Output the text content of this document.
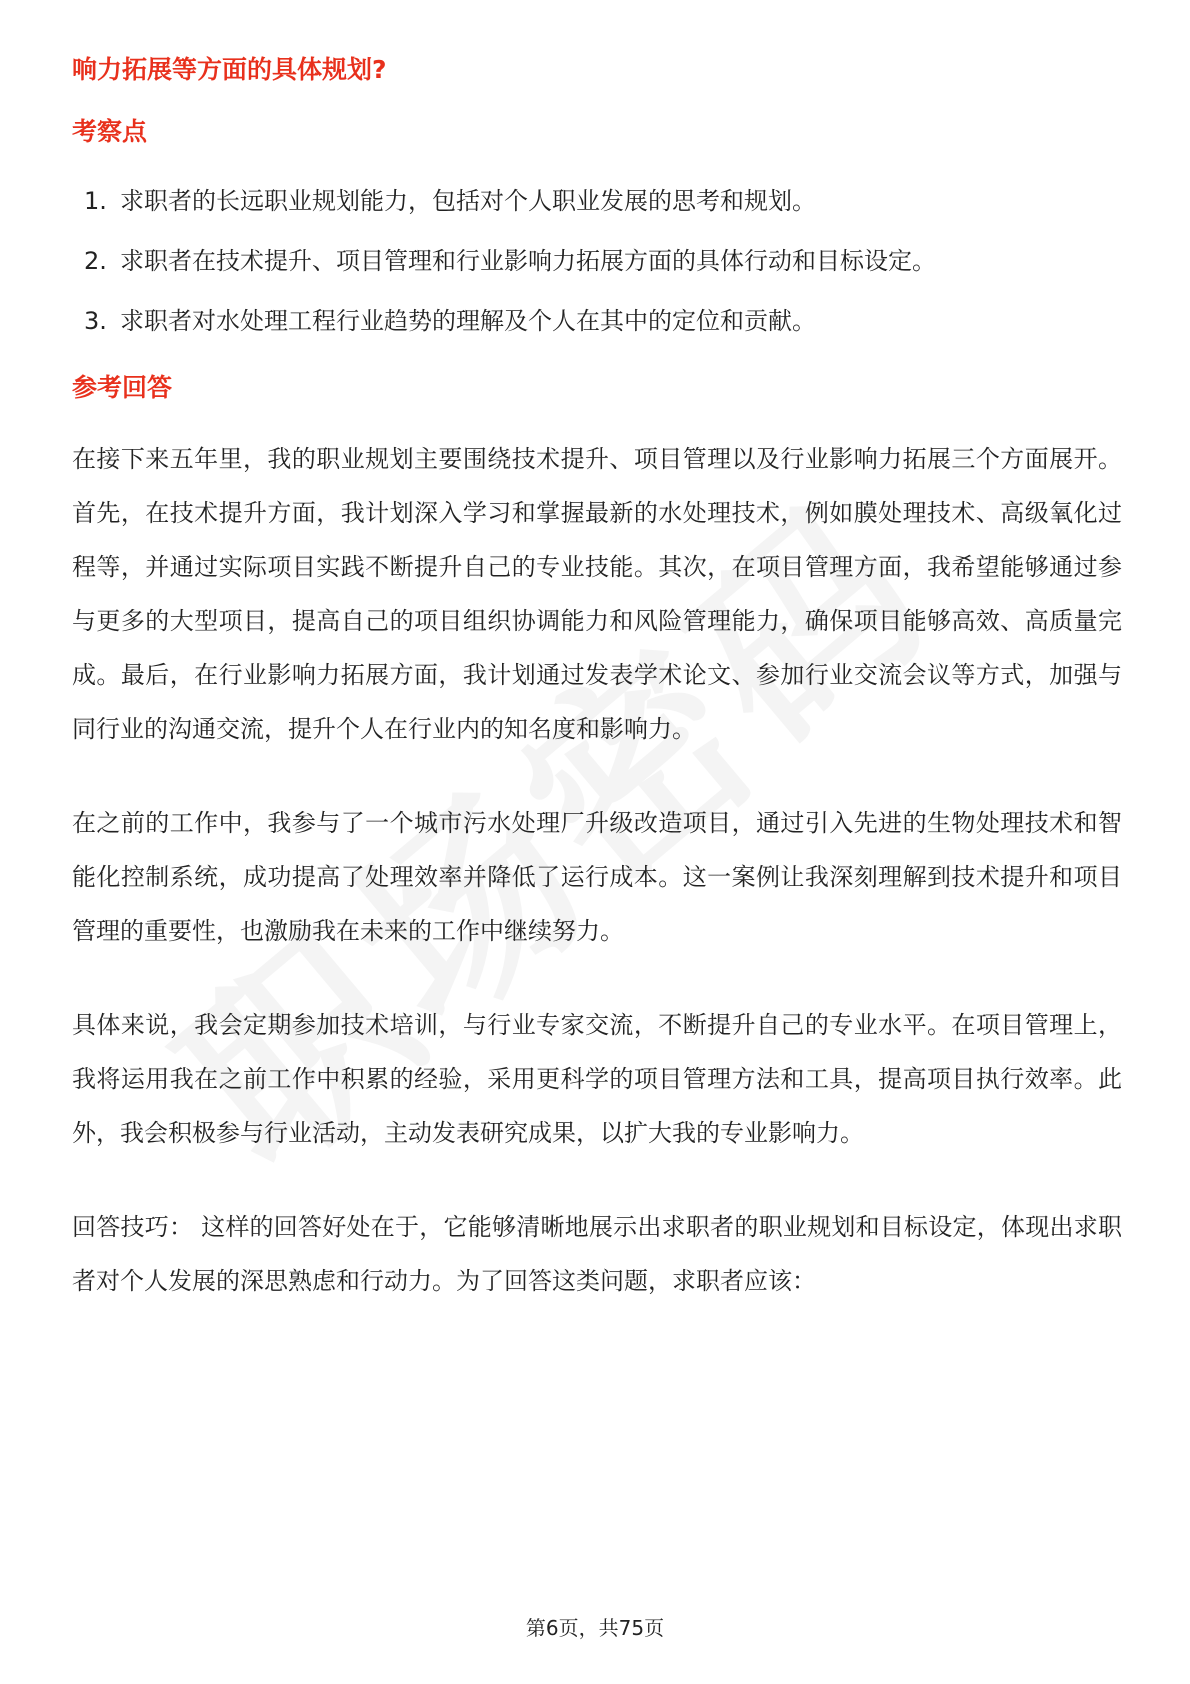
响力拓展等方面的具体规划?
考察点
1. 求职者的长远职业规划能力，包括对个人职业发展的思考和规划。
2. 求职者在技术提升、项目管理和行业影响力拓展方面的具体行动和目标设定。
3. 求职者对水处理工程行业趋势的理解及个人在其中的定位和贡献。
参考回答

在接下来五年里，我的职业规划主要围绕技术提升、项目管理以及行业影响力拓展三个方面展开。首先，在技术提升方面，我计划深入学习和掌握最新的水处理技术，例如膜处理技术、高级氧化过程等，并通过实际项目实践不断提升自己的专业技能。其次，在项目管理方面，我希望能够通过参与更多的大型项目，提高自己的项目组织协调能力和风险管理能力，确保项目能够高效、高质量完成。最后，在行业影响力拓展方面，我计划通过发表学术论文、参加行业交流会议等方式，加强与同行业的沟通交流，提升个人在行业内的知名度和影响力。

在之前的工作中，我参与了一个城市污水处理厂升级改造项目，通过引入先进的生物处理技术和智能化控制系统，成功提高了处理效率并降低了运行成本。这一案例让我深刻理解到技术提升和项目管理的重要性，也激励我在未来的工作中继续努力。

具体来说，我会定期参加技术培训，与行业专家交流，不断提升自己的专业水平。在项目管理上，我将运用我在之前工作中积累的经验，采用更科学的项目管理方法和工具，提高项目执行效率。此外，我会积极参与行业活动，主动发表研究成果，以扩大我的专业影响力。

回答技巧： 这样的回答好处在于，它能够清晰地展示出求职者的职业规划和目标设定，体现出求职者对个人发展的深思熟虑和行动力。为了回答这类问题，求职者应该：

第6页，共75页
